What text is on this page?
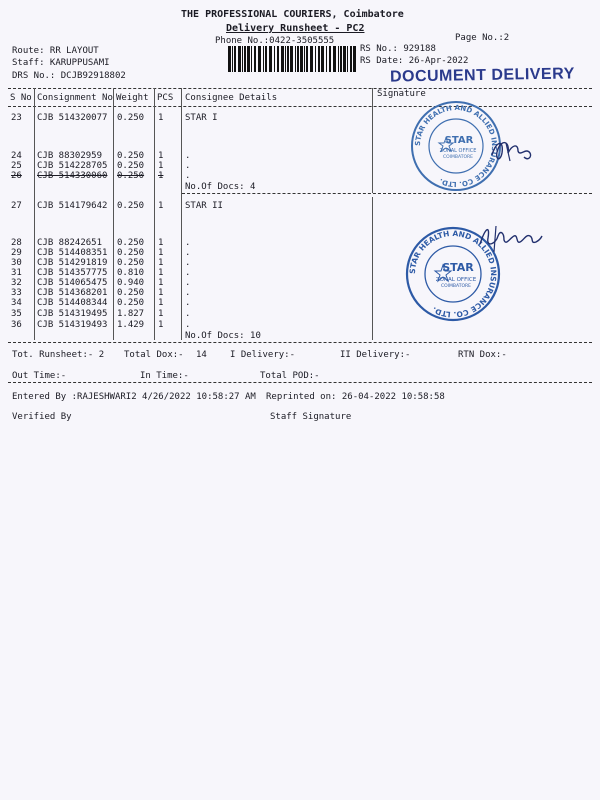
THE PROFESSIONAL COURIERS, Coimbatore
Delivery Runsheet - PC2
Phone No.:0422-3505555	Page No.:2
Route: RR LAYOUT
Staff: KARUPPUSAMI
DRS No.: DCJB92918802
RS No.: 929188
RS Date: 26-Apr-2022
DOCUMENT DELIVERY
S No Consignment No Weight PCS Consignee Details	Signature
STAR I
23 CJB 514320077 0.250 1
24 CJB 88302959 0.250 1 .
25 CJB 514228705 0.250 1 .
26 CJB 514330060 0.250 1 .
No.Of Docs: 4
STAR II
27 CJB 514179642 0.250 1
28 CJB 88242651 0.250 1 .
29 CJB 514408351 0.250 1 .
30 CJB 514291819 0.250 1 .
31 CJB 514357775 0.810 1 .
32 CJB 514065475 0.940 1 .
33 CJB 514368201 0.250 1 .
34 CJB 514408344 0.250 1 .
35 CJB 514319495 1.827 1 .
36 CJB 514319493 1.429 1 .
No.Of Docs: 10
STAR HEALTH AND ALLIED INSURANCE CO. LTD.
STAR
ZONAL OFFICE
COIMBATORE
STAR HEALTH AND ALLIED INSURANCE CO. LTD.
STAR
ZONAL OFFICE
COIMBATORE
Tot. Runsheet:- 2 Total Dox:- 14	I Delivery:-	II Delivery:-	RTN Dox:-
Out Time:-	In Time:-	Total POD:-
Entered By :RAJESHWARI2 4/26/2022 10:58:27 AM Reprinted on: 26-04-2022 10:58:58
Verified By	Staff Signature
